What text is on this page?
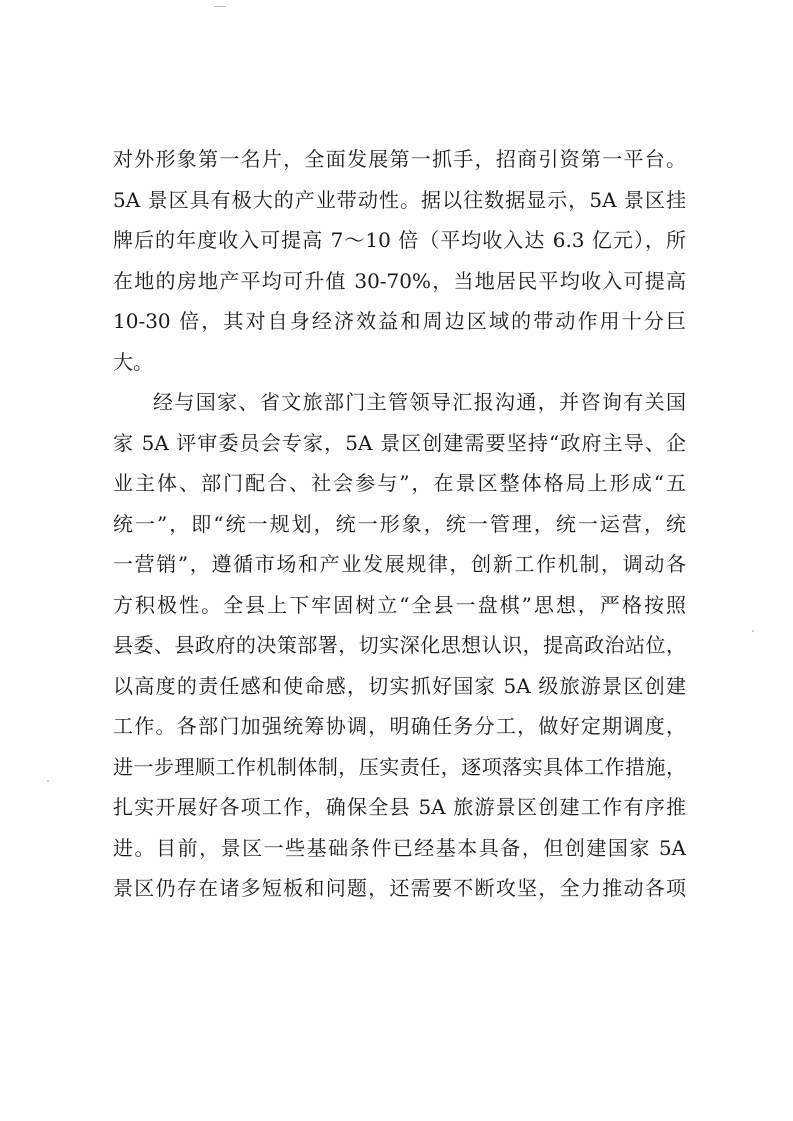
对外形象第一名片，全面发展第一抓手，招商引资第一平台。
5A 景区具有极大的产业带动性。据以往数据显示，5A 景区挂
牌后的年度收入可提高 7～10 倍（平均收入达 6.3 亿元），所
在地的房地产平均可升值 30-70%，当地居民平均收入可提高
10-30 倍，其对自身经济效益和周边区域的带动作用十分巨
大。
经与国家、省文旅部门主管领导汇报沟通，并咨询有关国
家 5A 评审委员会专家，5A 景区创建需要坚持“政府主导、企
业主体、部门配合、社会参与”，在景区整体格局上形成“五
统一”，即“统一规划，统一形象，统一管理，统一运营，统
一营销”，遵循市场和产业发展规律，创新工作机制，调动各
方积极性。全县上下牢固树立“全县一盘棋”思想，严格按照
县委、县政府的决策部署，切实深化思想认识，提高政治站位，
以高度的责任感和使命感，切实抓好国家 5A 级旅游景区创建
工作。各部门加强统筹协调，明确任务分工，做好定期调度，
进一步理顺工作机制体制，压实责任，逐项落实具体工作措施，
扎实开展好各项工作，确保全县 5A 旅游景区创建工作有序推
进。目前，景区一些基础条件已经基本具备，但创建国家 5A
景区仍存在诸多短板和问题，还需要不断攻坚，全力推动各项
